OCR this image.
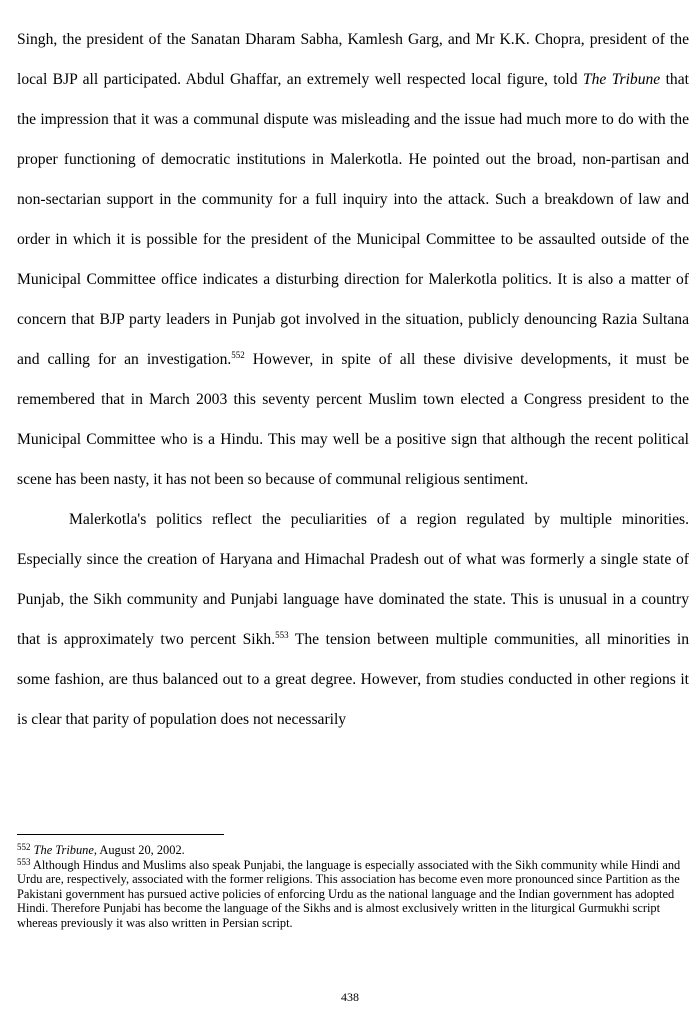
Singh, the president of the Sanatan Dharam Sabha, Kamlesh Garg, and Mr K.K. Chopra, president of the local BJP all participated. Abdul Ghaffar, an extremely well respected local figure, told The Tribune that the impression that it was a communal dispute was misleading and the issue had much more to do with the proper functioning of democratic institutions in Malerkotla. He pointed out the broad, non-partisan and non-sectarian support in the community for a full inquiry into the attack. Such a breakdown of law and order in which it is possible for the president of the Municipal Committee to be assaulted outside of the Municipal Committee office indicates a disturbing direction for Malerkotla politics. It is also a matter of concern that BJP party leaders in Punjab got involved in the situation, publicly denouncing Razia Sultana and calling for an investigation.$^{552}$ However, in spite of all these divisive developments, it must be remembered that in March 2003 this seventy percent Muslim town elected a Congress president to the Municipal Committee who is a Hindu. This may well be a positive sign that although the recent political scene has been nasty, it has not been so because of communal religious sentiment.

Malerkotla's politics reflect the peculiarities of a region regulated by multiple minorities. Especially since the creation of Haryana and Himachal Pradesh out of what was formerly a single state of Punjab, the Sikh community and Punjabi language have dominated the state. This is unusual in a country that is approximately two percent Sikh.$^{553}$ The tension between multiple communities, all minorities in some fashion, are thus balanced out to a great degree. However, from studies conducted in other regions it is clear that parity of population does not necessarily

$^{552}$ The Tribune, August 20, 2002.

$^{553}$ Although Hindus and Muslims also speak Punjabi, the language is especially associated with the Sikh community while Hindi and Urdu are, respectively, associated with the former religions. This association has become even more pronounced since Partition as the Pakistani government has pursued active policies of enforcing Urdu as the national language and the Indian government has adopted Hindi. Therefore Punjabi has become the language of the Sikhs and is almost exclusively written in the liturgical Gurmukhi script whereas previously it was also written in Persian script.

438
